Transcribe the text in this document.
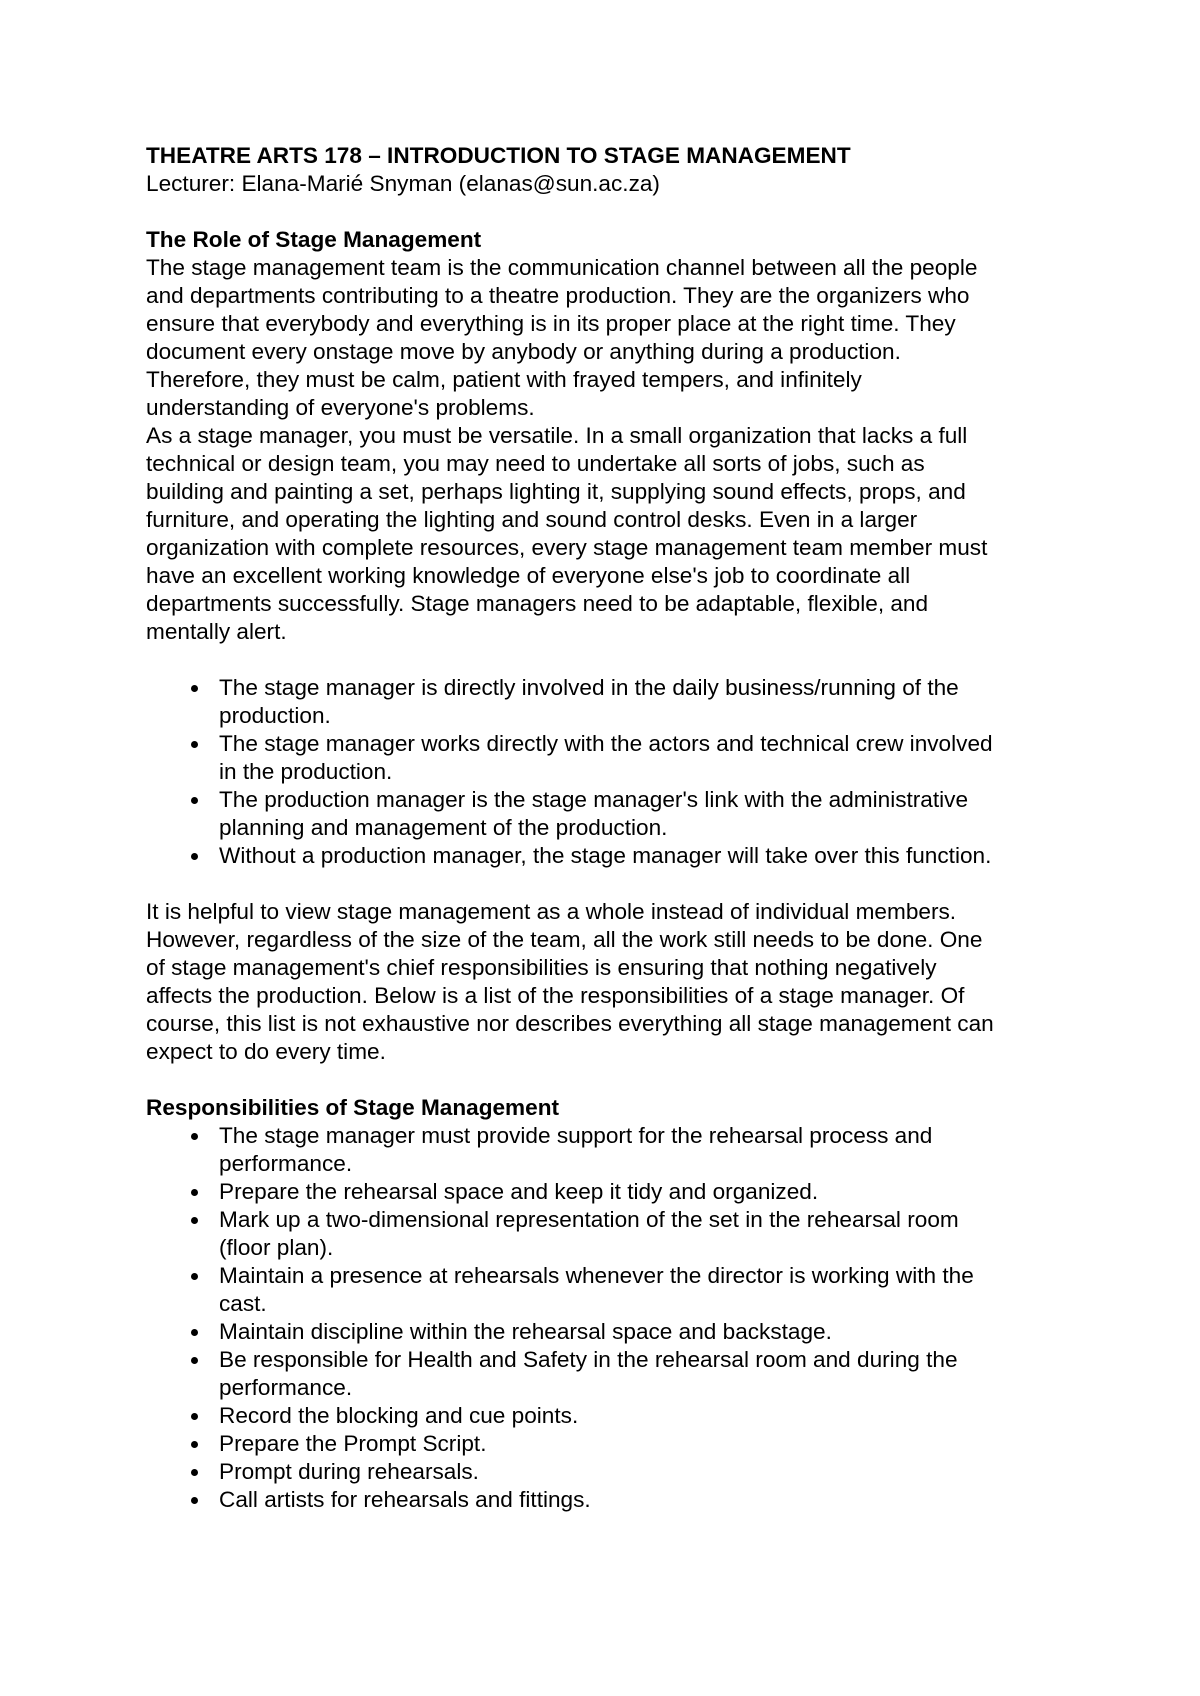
THEATRE ARTS 178 – INTRODUCTION TO STAGE MANAGEMENT
Lecturer: Elana-Marié Snyman (elanas@sun.ac.za)
The Role of Stage Management
The stage management team is the communication channel between all the people
and departments contributing to a theatre production. They are the organizers who
ensure that everybody and everything is in its proper place at the right time. They
document every onstage move by anybody or anything during a production.
Therefore, they must be calm, patient with frayed tempers, and infinitely
understanding of everyone's problems.
As a stage manager, you must be versatile. In a small organization that lacks a full
technical or design team, you may need to undertake all sorts of jobs, such as
building and painting a set, perhaps lighting it, supplying sound effects, props, and
furniture, and operating the lighting and sound control desks. Even in a larger
organization with complete resources, every stage management team member must
have an excellent working knowledge of everyone else's job to coordinate all
departments successfully. Stage managers need to be adaptable, flexible, and
mentally alert.
The stage manager is directly involved in the daily business/running of the
production.
The stage manager works directly with the actors and technical crew involved
in the production.
The production manager is the stage manager's link with the administrative
planning and management of the production.
Without a production manager, the stage manager will take over this function.
It is helpful to view stage management as a whole instead of individual members.
However, regardless of the size of the team, all the work still needs to be done. One
of stage management's chief responsibilities is ensuring that nothing negatively
affects the production. Below is a list of the responsibilities of a stage manager. Of
course, this list is not exhaustive nor describes everything all stage management can
expect to do every time.
Responsibilities of Stage Management
The stage manager must provide support for the rehearsal process and
performance.
Prepare the rehearsal space and keep it tidy and organized.
Mark up a two-dimensional representation of the set in the rehearsal room
(floor plan).
Maintain a presence at rehearsals whenever the director is working with the
cast.
Maintain discipline within the rehearsal space and backstage.
Be responsible for Health and Safety in the rehearsal room and during the
performance.
Record the blocking and cue points.
Prepare the Prompt Script.
Prompt during rehearsals.
Call artists for rehearsals and fittings.
